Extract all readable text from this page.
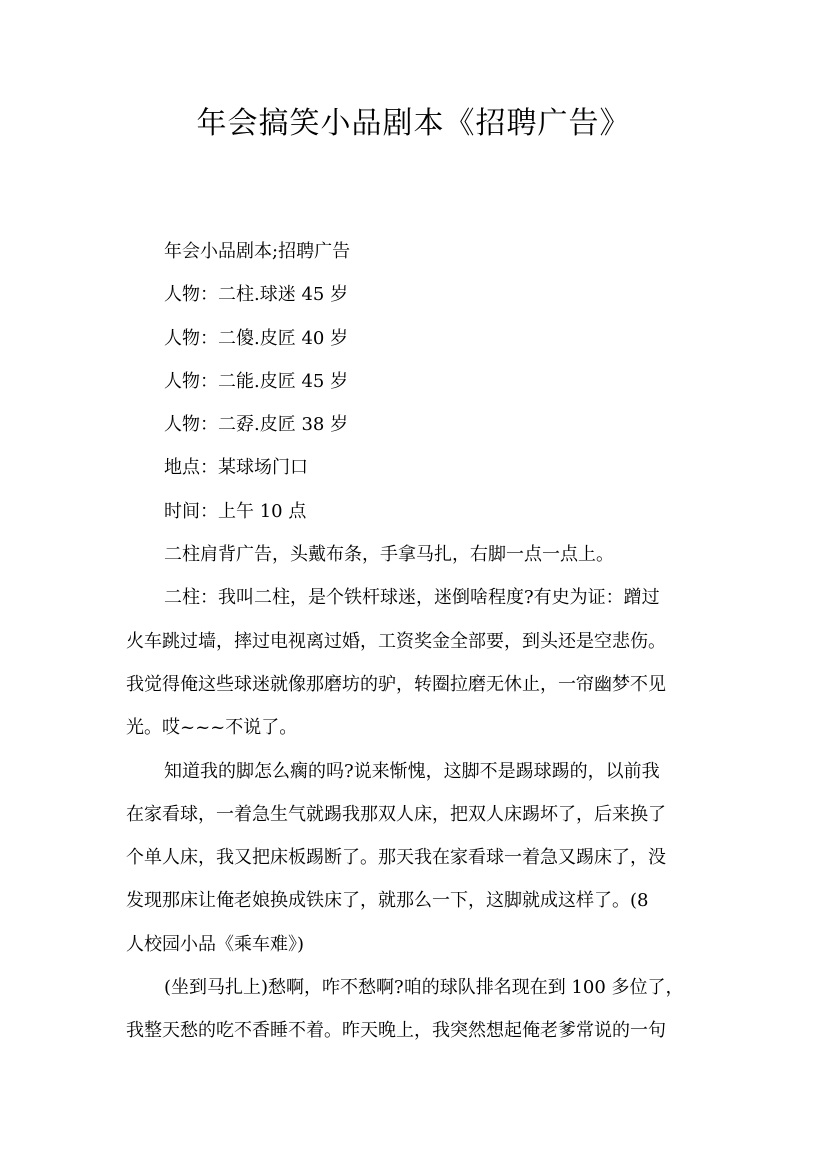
年会搞笑小品剧本《招聘广告》
年会小品剧本;招聘广告
人物：二柱.球迷 45 岁
人物：二傻.皮匠 40 岁
人物：二能.皮匠 45 岁
人物：二孬.皮匠 38 岁
地点：某球场门口
时间：上午 10 点
二柱肩背广告，头戴布条，手拿马扎，右脚一点一点上。
二柱：我叫二柱，是个铁杆球迷，迷倒啥程度?有史为证：蹭过
火车跳过墙，摔过电视离过婚，工资奖金全部要，到头还是空悲伤。
我觉得俺这些球迷就像那磨坊的驴，转圈拉磨无休止，一帘幽梦不见
光。哎~~~不说了。
知道我的脚怎么瘸的吗?说来惭愧，这脚不是踢球踢的，以前我
在家看球，一着急生气就踢我那双人床，把双人床踢坏了，后来换了
个单人床，我又把床板踢断了。那天我在家看球一着急又踢床了，没
发现那床让俺老娘换成铁床了，就那么一下，这脚就成这样了。(8
人校园小品《乘车难》)
(坐到马扎上)愁啊，咋不愁啊?咱的球队排名现在到 100 多位了，
我整天愁的吃不香睡不着。昨天晚上，我突然想起俺老爹常说的一句
